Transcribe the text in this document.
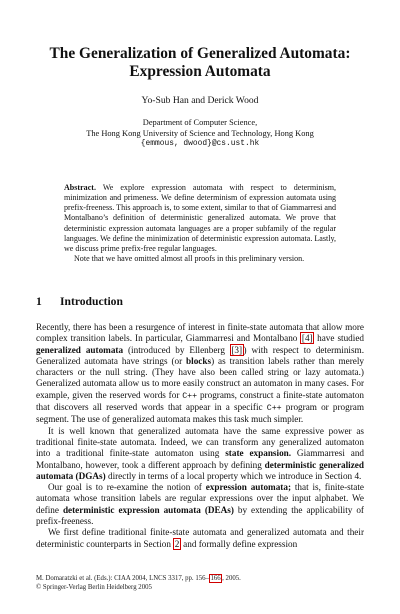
The Generalization of Generalized Automata:
Expression Automata
Yo-Sub Han and Derick Wood
Department of Computer Science,
The Hong Kong University of Science and Technology, Hong Kong
{emmous, dwood}@cs.ust.hk

Abstract. We explore expression automata with respect to determinism, minimization and primeness. We define determinism of expression automata using prefix-freeness. This approach is, to some extent, similar to that of Giammarresi and Montalbano’s definition of deterministic generalized automata. We prove that deterministic expression automata languages are a proper subfamily of the regular languages. We define the minimization of deterministic expression automata. Lastly, we discuss prime prefix-free regular languages.

Note that we have omitted almost all proofs in this preliminary version.

1 Introduction

Recently, there has been a resurgence of interest in finite-state automata that allow more complex transition labels. In particular, Giammarresi and Montalbano [4] have studied generalized automata (introduced by Ellenberg [3] ) with respect to determinism. Generalized automata have strings (or blocks) as transition labels rather than merely characters or the null string. (They have also been called string or lazy automata.) Generalized automata allow us to more easily construct an automaton in many cases. For example, given the reserved words for C++ programs, construct a finite-state automaton that discovers all reserved words that appear in a specific C++ program or program segment. The use of generalized automata makes this task much simpler.

It is well known that generalized automata have the same expressive power as traditional finite-state automata. Indeed, we can transform any generalized automaton into a traditional finite-state automaton using state expansion. Giammarresi and Montalbano, however, took a different approach by defining deterministic generalized automata (DGAs) directly in terms of a local property which we introduce in Section 4.

Our goal is to re-examine the notion of expression automata; that is, finite-state automata whose transition labels are regular expressions over the input alphabet. We define deterministic expression automata (DEAs) by extending the applicability of prefix-freeness.

We first define traditional finite-state automata and generalized automata and their deterministic counterparts in Section 2 and formally define expression

M. Domaratzki et al. (Eds.): CIAA 2004, LNCS 3317, pp. 156– 166 , 2005.
© Springer-Verlag Berlin Heidelberg 2005
